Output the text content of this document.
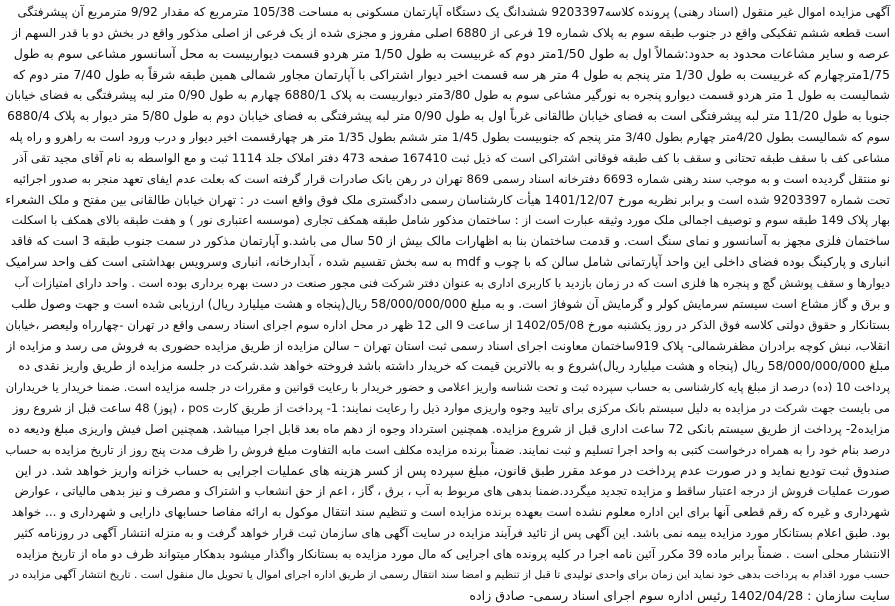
آگهی مزایده اموال غیر منقول (اسناد رهنی) پرونده کلاسه9203397 ششدانگ یک دستگاه آپارتمان مسکونی به مساحت 105/38 مترمربع که مقدار 9/92 مترمربع آن پیشرفتگی
است قطعه ششم تفکیکی واقع در جنوب طبقه سوم به پلاک شماره 19 فرعی از 6880 اصلی مفروز و مجزی شده از یک فرعی از اصلی مذکور واقع در بخش دو با قدر السهم از
عرصه و سایر مشاعات محدود به حدود:شمالاً اول به طول 1/50متر دوم که غربیست به طول 1/50 متر هردو قسمت دیواربیست به محل آسانسور مشاعی سوم به طول
1/75مترچهارم که غربیست به طول 1/30 متر پنجم به طول 4 متر هر سه قسمت اخیر دیوار اشتراکی با آپارتمان مجاور شمالی همین طبقه شرقاً به طول 7/40 متر دوم که
شمالیست به طول 1 متر هردو قسمت دیوارو پنجره به نورگیر مشاعی سوم به طول 3/80متر دیواربیست به پلاک 6880/1 چهارم به طول 0/90 متر لبه پیشرفتگی به فضای خیابان
جنوبا به طول 11/20 متر لبه پیشرفتگی است به فضای خیابان طالقانی غرباً اول به طول 0/90 متر لبه پیشرفتگی به فضای خیابان دوم به طول 5/80 متر دیوار به پلاک 6880/4
سوم که شمالیست بطول 4/20متر چهارم بطول 3/40 متر پنجم که جنوبیست بطول 1/45 متر ششم بطول 1/35 متر هر چهارقسمت اخیر دیوار و درب ورود است به راهرو و راه پله
مشاعی کف با سقف طبقه تحتانی و سقف با کف طبقه فوقانی اشتراکی است که ذیل ثبت 167410 صفحه 473 دفتر املاک جلد 1114 ثبت و مع الواسطه به نام آقای مجید تقی آذر
نو منتقل گردیده است و به موجب سند رهنی شماره 6693 دفترخانه اسناد رسمی 869 تهران در رهن بانک صادرات قرار گرفته است که بعلت عدم ایفای تعهد منجر به صدور اجرائیه
تحت شماره 9203397 شده است و برابر نظریه مورخ 1401/12/07 هیأت کارشناسان رسمی دادگستری ملک فوق واقع است در : تهران خیابان طالقانی بین مفتح و ملک الشعراء
بهار پلاک 149 طبقه سوم و توصیف اجمالی ملک مورد وثیقه عبارت است از : ساختمان مذکور شامل طبقه همکف تجاری (موسسه اعتباری نور ) و هفت طبقه بالای همکف با اسکلت
ساختمان فلزی مجهز به آسانسور و نمای سنگ است. و قدمت ساختمان بنا به اظهارات مالک بیش از 50 سال می باشد.و آپارتمان مذکور در سمت جنوب طبقه 3 است که فاقد
انباری و پارکینگ بوده فضای داخلی این واحد آپارتمانی شامل سالن که با چوب و mdf به سه بخش تقسیم شده ، آبدارخانه، انباری وسرویس بهداشتی است کف واحد سرامیک
دیوارها و سقف پوشش گچ و پنجره ها فلزی است که در زمان بازدید با کاربری اداری به عنوان دفتر شرکت فنی مجور صنعت در دست بهره برداری بوده است . واحد دارای امتیازات آب
و برق و گاز مشاع است سیستم سرمایش کولر و گرمایش آن شوفاژ است. و به مبلغ 58/000/000/000 ریال(پنجاه و هشت میلیارد ریال) ارزیابی شده است و جهت وصول طلب
بستانکار و حقوق دولتی کلاسه فوق الذکر در روز یکشنبه مورخ 1402/05/08 از ساعت 9 الی 12 ظهر در محل اداره سوم اجرای اسناد رسمی واقع در تهران -چهارراه ولیعصر ،خیابان
انقلاب، نبش کوچه برادران مظفرشمالی- پلاک 919ساختمان معاونت اجرای اسناد رسمی ثبت استان تهران – سالن مزایده از طریق مزایده حضوری به فروش می رسد و مزایده از
مبلغ 58/000/000/000 ریال (پنجاه و هشت میلیارد ریال)شروع و به بالاترین قیمت که خریدار داشته باشد فروخته خواهد شد.شرکت در جلسه مزایده از طریق واریز نقدی ده
پرداخت 10 (ده) درصد از مبلغ پایه کارشناسی به حساب سپرده ثبت و تحت شناسه واریز اعلامی و حضور خریدار با رعایت قوانین و مقررات در جلسه مزایده است. ضمنا خریدار یا خریداران
می بایست جهت شرکت در مزایده به دلیل سیستم بانک مرکزی برای تایید وجوه واریزی موارد ذیل را رعایت نمایند: 1- پرداخت از طریق کارت pos ، (پوز) 48 ساعت قبل از شروع روز
مزایده2- پرداخت از طریق سیستم بانکی 72 ساعت اداری قبل از شروع مزایده. همچنین استرداد وجوه از دهم ماه بعد قابل اجرا میباشد. همچنین اصل فیش واریزی مبلغ ودیعه ده
درصد بنام خود را به همراه درخواست کتبی به واحد اجرا تسلیم و ثبت نمایند. ضمناً برنده مزایده مکلف است مابه التفاوت مبلغ فروش را ظرف مدت پنج روز از تاریخ مزایده به حساب
صندوق ثبت تودیع نماید و در صورت عدم پرداخت در موعد مقرر طبق قانون، مبلغ سپرده پس از کسر هزینه های عملیات اجرایی به حساب خزانه واریز خواهد شد. در این
صورت عملیات فروش از درجه اعتبار ساقط و مزایده تجدید میگردد.ضمنا بدهی های مربوط به آب ، برق ، گاز ، اعم از حق انشعاب و اشتراک و مصرف و نیز بدهی مالیاتی ، عوارض
شهرداری و غیره که رقم قطعی آنها برای این اداره معلوم نشده است بعهده برنده مزایده است و تنظیم سند انتقال موکول به ارائه مفاصا حسابهای دارایی و شهرداری و ... خواهد
بود. طبق اعلام بستانکار مورد مزایده بیمه نمی باشد. این آگهی پس از تائید فرآیند مزایده در سایت آگهی های سازمان ثبت قرار خواهد گرفت و به منزله انتشار آگهی در روزنامه کثیر
الانتشار محلی است . ضمناً برابر ماده 39 مکرر آئین نامه اجرا در کلیه پرونده های اجرایی که مال مورد مزایده به بستانکار واگذار میشود بدهکار میتواند ظرف دو ماه از تاریخ مزایده
حسب مورد اقدام به پرداخت بدهی خود نماید این زمان برای واحدی تولیدی تا قبل از تنظیم و امضا سند انتقال رسمی از طریق اداره اجرای اموال یا تحویل مال منقول است . تاریخ انتشار آگهی مزایده در
سایت سازمان : 1402/04/28 رئیس اداره سوم اجرای اسناد رسمی- صادق زاده
